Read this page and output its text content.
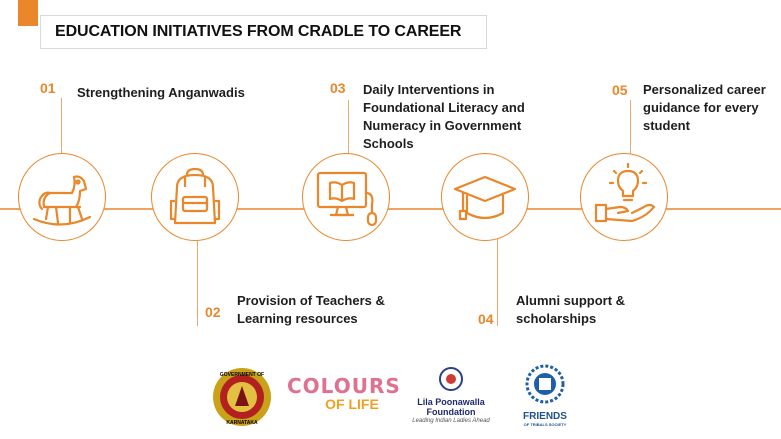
EDUCATION INITIATIVES FROM CRADLE TO CAREER
01 Strengthening Anganwadis
02
Provision of Teachers & Learning resources
03 Daily Interventions in Foundational Literacy and Numeracy in Government Schools
04
Alumni support & scholarships
05 Personalized career guidance for every student
GOVERNMENT OF
KARNATAKA
COLOURS
OF LIFE	Lila Poonawalla
Foundation
Leading Indian Ladies Ahead	FRIENDS
OF TRIBALS SOCIETY
